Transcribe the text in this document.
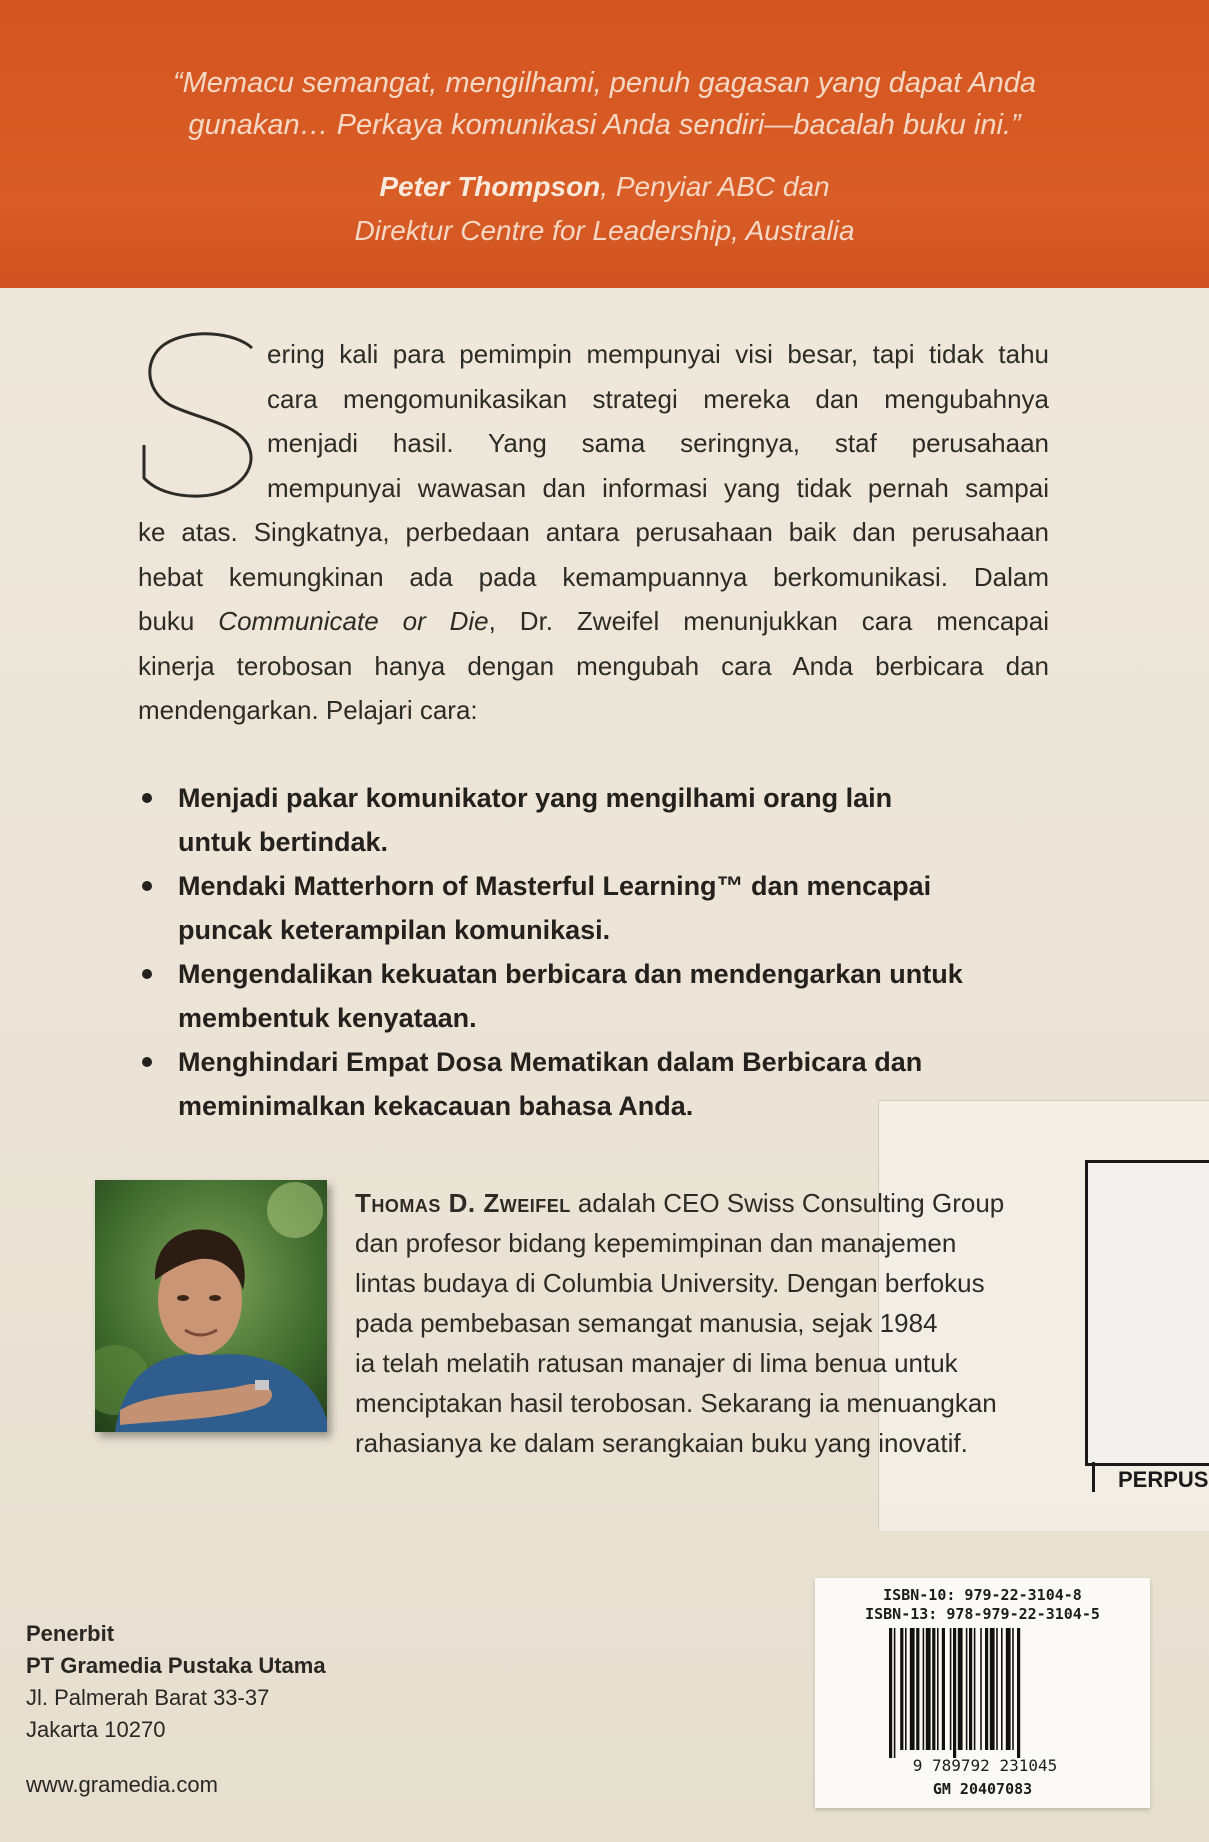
“Memacu semangat, mengilhami, penuh gagasan yang dapat Anda
gunakan… Perkaya komunikasi Anda sendiri—bacalah buku ini.”
Peter Thompson, Penyiar ABC dan
Direktur Centre for Leadership, Australia
ering kali para pemimpin mempunyai visi besar, tapi tidak tahu
cara mengomunikasikan strategi mereka dan mengubahnya
menjadi hasil. Yang sama seringnya, staf perusahaan
mempunyai wawasan dan informasi yang tidak pernah sampai
ke atas. Singkatnya, perbedaan antara perusahaan baik dan perusahaan
hebat kemungkinan ada pada kemampuannya berkomunikasi. Dalam
buku Communicate or Die, Dr. Zweifel menunjukkan cara mencapai
kinerja terobosan hanya dengan mengubah cara Anda berbicara dan
mendengarkan. Pelajari cara:
Menjadi pakar komunikator yang mengilhami orang lain
untuk bertindak.
Mendaki Matterhorn of Masterful Learning™ dan mencapai
puncak keterampilan komunikasi.
Mengendalikan kekuatan berbicara dan mendengarkan untuk
membentuk kenyataan.
Menghindari Empat Dosa Mematikan dalam Berbicara dan
meminimalkan kekacauan bahasa Anda.
PERPUS
Thomas D. Zweifel adalah CEO Swiss Consulting Group
dan profesor bidang kepemimpinan dan manajemen
lintas budaya di Columbia University. Dengan berfokus
pada pembebasan semangat manusia, sejak 1984
ia telah melatih ratusan manajer di lima benua untuk
menciptakan hasil terobosan. Sekarang ia menuangkan
rahasianya ke dalam serangkaian buku yang inovatif.
Penerbit
PT Gramedia Pustaka Utama
Jl. Palmerah Barat 33-37
Jakarta 10270
www.gramedia.com
ISBN-10: 979-22-3104-8
ISBN-13: 978-979-22-3104-5
9 789792 231045
GM 20407083
